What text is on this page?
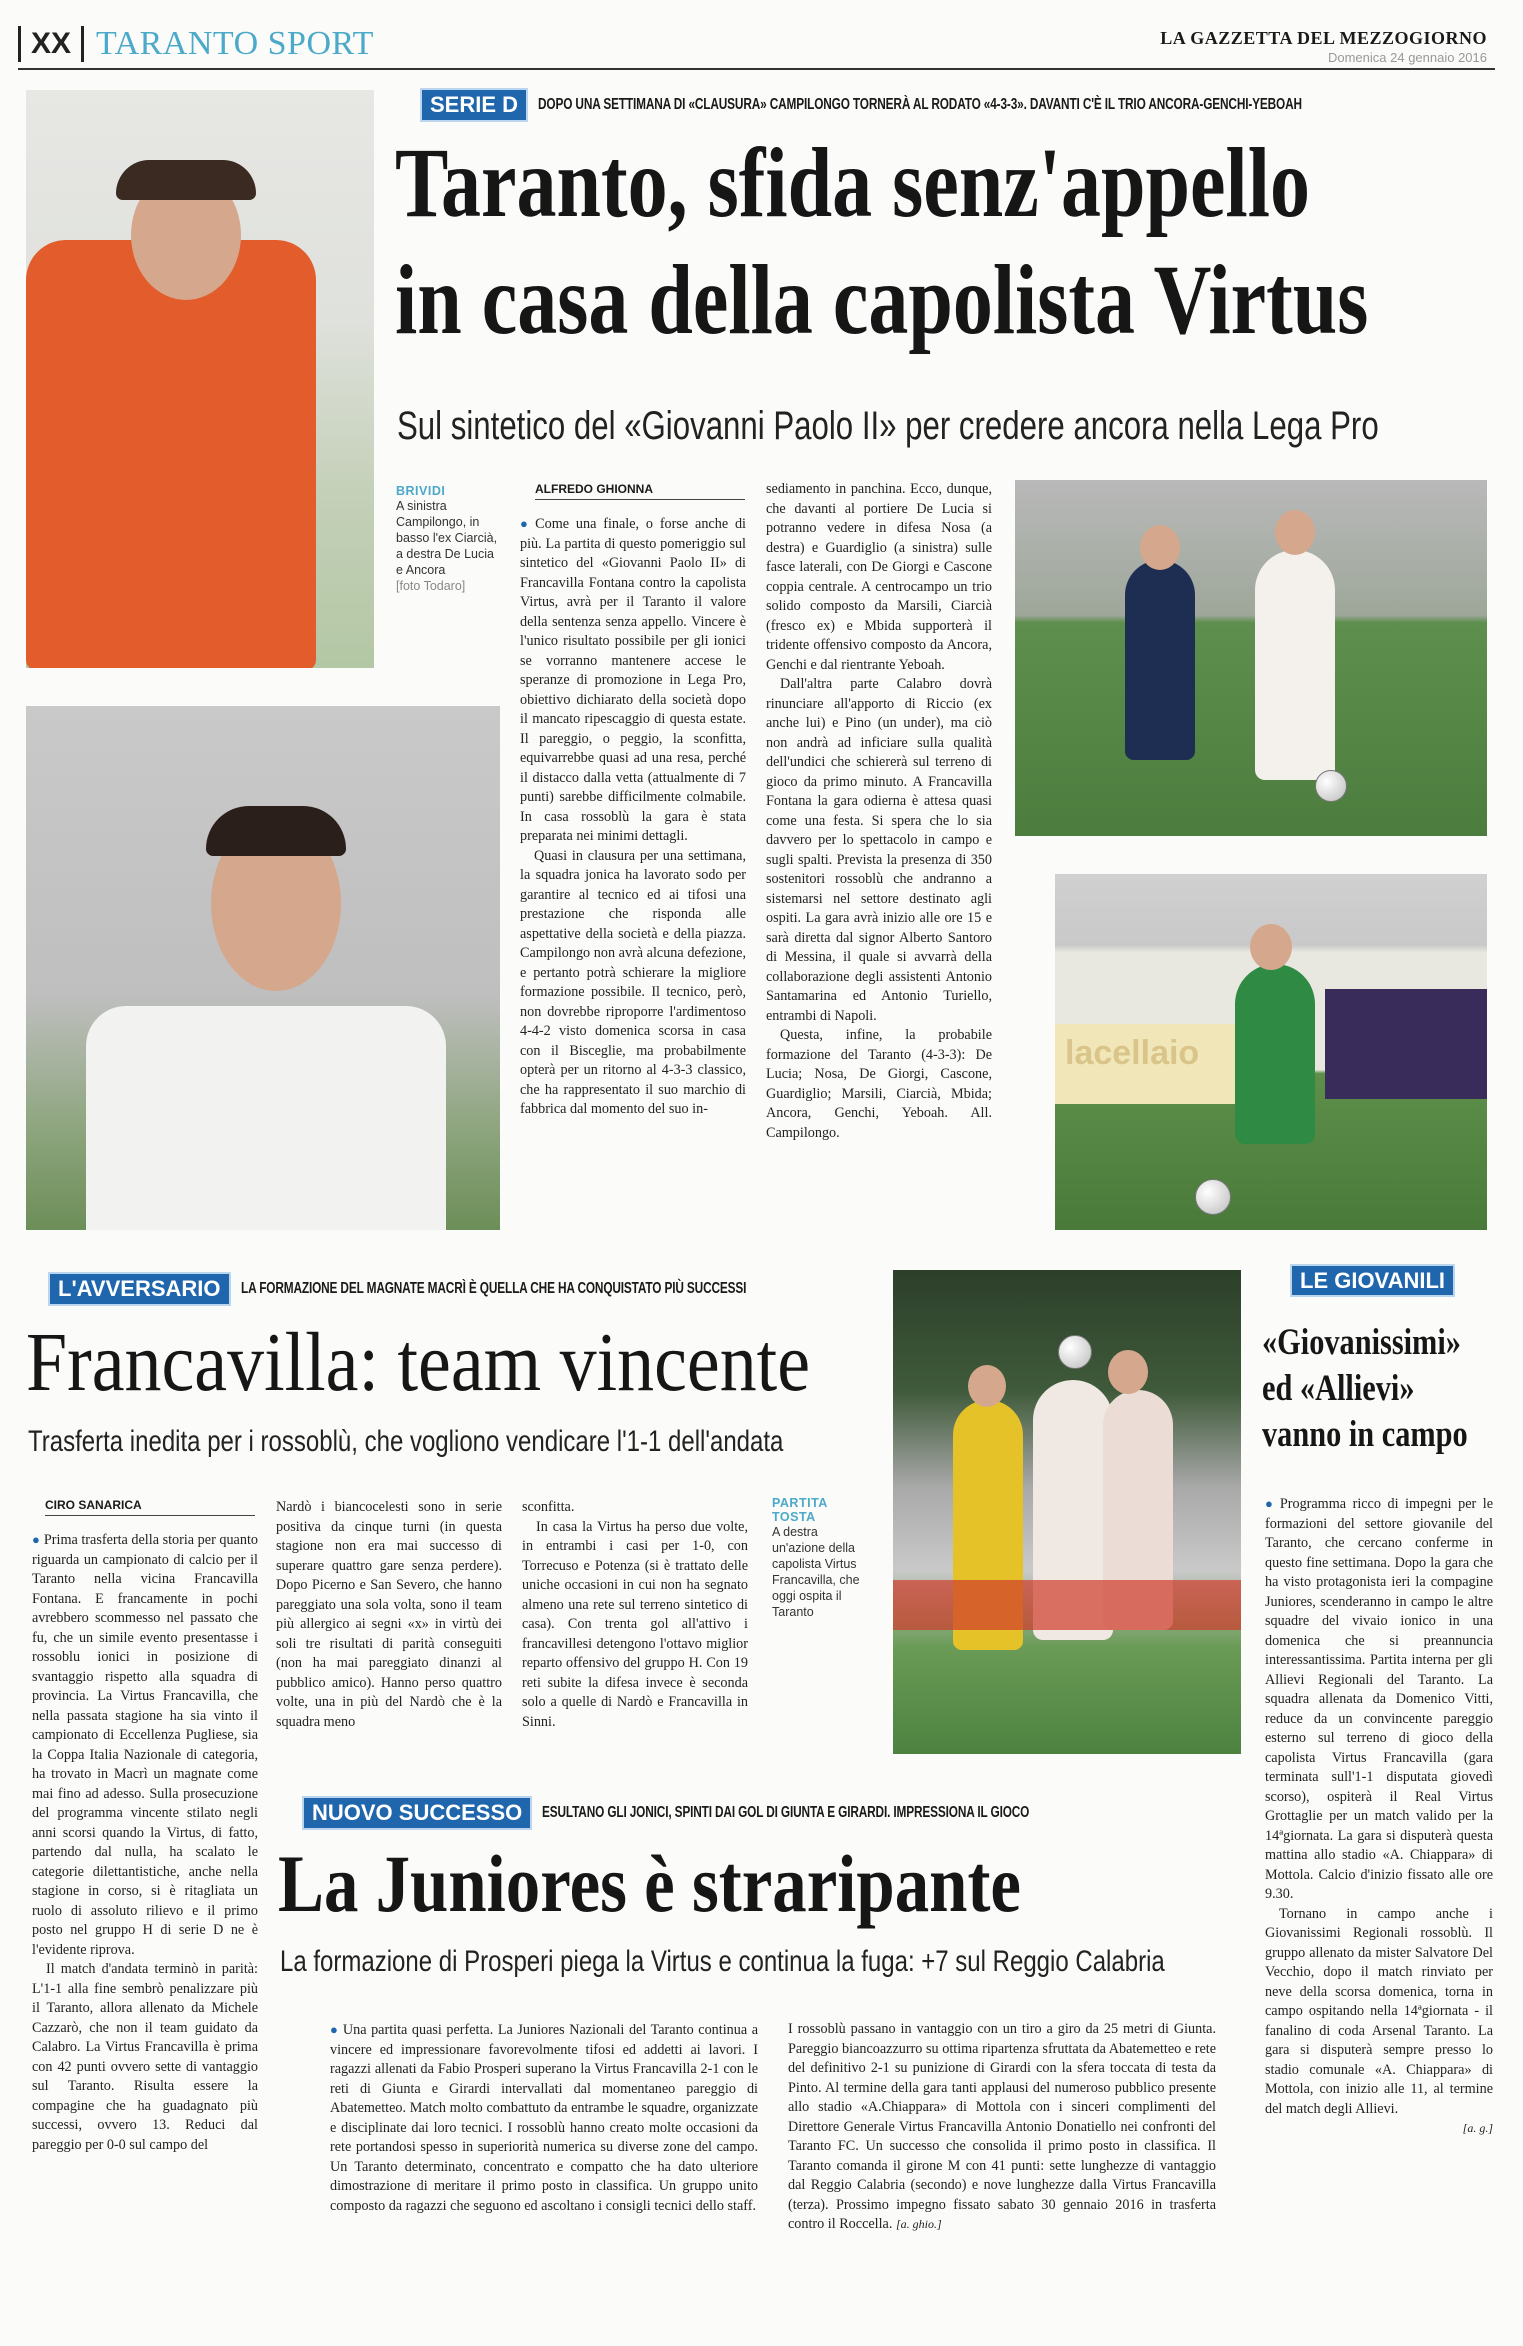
XX TARANTO SPORT	LA GAZZETTA DEL MEZZOGIORNO
Domenica 24 gennaio 2016
SERIE D	DOPO UNA SETTIMANA DI «CLAUSURA» CAMPILONGO TORNERÀ AL RODATO «4-3-3». DAVANTI C'È IL TRIO ANCORA-GENCHI-YEBOAH
Taranto, sfida senz'appello
in casa della capolista Virtus
Sul sintetico del «Giovanni Paolo II» per credere ancora nella Lega Pro
BRIVIDI
A sinistra Campilongo, in basso l'ex Ciarcià, a destra De Lucia e Ancora
[foto Todaro]
ALFREDO GHIONNA

● Come una finale, o forse anche di più. La partita di questo pomeriggio sul sintetico del «Giovanni Paolo II» di Francavilla Fontana contro la capolista Virtus, avrà per il Taranto il valore della sentenza senza appello. Vincere è l'unico risultato possibile per gli ionici se vorranno mantenere accese le speranze di promozione in Lega Pro, obiettivo dichiarato della società dopo il mancato ripescaggio di questa estate. Il pareggio, o peggio, la sconfitta, equivarrebbe quasi ad una resa, perché il distacco dalla vetta (attualmente di 7 punti) sarebbe difficilmente colmabile. In casa rossoblù la gara è stata preparata nei minimi dettagli.

Quasi in clausura per una settimana, la squadra jonica ha lavorato sodo per garantire al tecnico ed ai tifosi una prestazione che risponda alle aspettative della società e della piazza. Campilongo non avrà alcuna defezione, e pertanto potrà schierare la migliore formazione possibile. Il tecnico, però, non dovrebbe riproporre l'ardimentoso 4-4-2 visto domenica scorsa in casa con il Bisceglie, ma probabilmente opterà per un ritorno al 4-3-3 classico, che ha rappresentato il suo marchio di fabbrica dal momento del suo in-

sediamento in panchina. Ecco, dunque, che davanti al portiere De Lucia si potranno vedere in difesa Nosa (a destra) e Guardiglio (a sinistra) sulle fasce laterali, con De Giorgi e Cascone coppia centrale. A centrocampo un trio solido composto da Marsili, Ciarcià (fresco ex) e Mbida supporterà il tridente offensivo composto da Ancora, Genchi e dal rientrante Yeboah.

Dall'altra parte Calabro dovrà rinunciare all'apporto di Riccio (ex anche lui) e Pino (un under), ma ciò non andrà ad inficiare sulla qualità dell'undici che schiererà sul terreno di gioco da primo minuto. A Francavilla Fontana la gara odierna è attesa quasi come una festa. Si spera che lo sia davvero per lo spettacolo in campo e sugli spalti. Prevista la presenza di 350 sostenitori rossoblù che andranno a sistemarsi nel settore destinato agli ospiti. La gara avrà inizio alle ore 15 e sarà diretta dal signor Alberto Santoro di Messina, il quale si avvarrà della collaborazione degli assistenti Antonio Santamarina ed Antonio Turiello, entrambi di Napoli.

Questa, infine, la probabile formazione del Taranto (4-3-3): De Lucia; Nosa, De Giorgi, Cascone, Guardiglio; Marsili, Ciarcià, Mbida; Ancora, Genchi, Yeboah. All. Campilongo.

lacellaio
L'AVVERSARIO	LA FORMAZIONE DEL MAGNATE MACRÌ È QUELLA CHE HA CONQUISTATO PIÙ SUCCESSI
Francavilla: team vincente
Trasferta inedita per i rossoblù, che vogliono vendicare l'1-1 dell'andata
CIRO SANARICA

● Prima trasferta della storia per quanto riguarda un campionato di calcio per il Taranto nella vicina Francavilla Fontana. E francamente in pochi avrebbero scommesso nel passato che fu, che un simile evento presentasse i rossoblu ionici in posizione di svantaggio rispetto alla squadra di provincia. La Virtus Francavilla, che nella passata stagione ha sia vinto il campionato di Eccellenza Pugliese, sia la Coppa Italia Nazionale di categoria, ha trovato in Macrì un magnate come mai fino ad adesso. Sulla prosecuzione del programma vincente stilato negli anni scorsi quando la Virtus, di fatto, partendo dal nulla, ha scalato le categorie dilettantistiche, anche nella stagione in corso, si è ritagliata un ruolo di assoluto rilievo e il primo posto nel gruppo H di serie D ne è l'evidente riprova.

Il match d'andata terminò in parità: L'1-1 alla fine sembrò penalizzare più il Taranto, allora allenato da Michele Cazzarò, che non il team guidato da Calabro. La Virtus Francavilla è prima con 42 punti ovvero sette di vantaggio sul Taranto. Risulta essere la compagine che ha guadagnato più successi, ovvero 13. Reduci dal pareggio per 0-0 sul campo del

Nardò i biancocelesti sono in serie positiva da cinque turni (in questa stagione non era mai successo di superare quattro gare senza perdere). Dopo Picerno e San Severo, che hanno pareggiato una sola volta, sono il team più allergico ai segni «x» in virtù dei soli tre risultati di parità conseguiti (non ha mai pareggiato dinanzi al pubblico amico). Hanno perso quattro volte, una in più del Nardò che è la squadra meno

sconfitta.

In casa la Virtus ha perso due volte, in entrambi i casi per 1-0, con Torrecuso e Potenza (si è trattato delle uniche occasioni in cui non ha segnato almeno una rete sul terreno sintetico di casa). Con trenta gol all'attivo i francavillesi detengono l'ottavo miglior reparto offensivo del gruppo H. Con 19 reti subite la difesa invece è seconda solo a quelle di Nardò e Francavilla in Sinni.

PARTITA TOSTA
A destra un'azione della capolista Virtus Francavilla, che oggi ospita il Taranto
LE GIOVANILI
«Giovanissimi»
ed «Allievi»
vanno in campo

● Programma ricco di impegni per le formazioni del settore giovanile del Taranto, che cercano conferme in questo fine settimana. Dopo la gara che ha visto protagonista ieri la compagine Juniores, scenderanno in campo le altre squadre del vivaio ionico in una domenica che si preannuncia interessantissima. Partita interna per gli Allievi Regionali del Taranto. La squadra allenata da Domenico Vitti, reduce da un convincente pareggio esterno sul terreno di gioco della capolista Virtus Francavilla (gara terminata sull'1-1 disputata giovedì scorso), ospiterà il Real Virtus Grottaglie per un match valido per la 14ªgiornata. La gara si disputerà questa mattina allo stadio «A. Chiappara» di Mottola. Calcio d'inizio fissato alle ore 9.30.

Tornano in campo anche i Giovanissimi Regionali rossoblù. Il gruppo allenato da mister Salvatore Del Vecchio, dopo il match rinviato per neve della scorsa domenica, torna in campo ospitando nella 14ªgiornata - il fanalino di coda Arsenal Taranto. La gara si disputerà sempre presso lo stadio comunale «A. Chiappara» di Mottola, con inizio alle 11, al termine del match degli Allievi.

[a. g.]

NUOVO SUCCESSO	ESULTANO GLI JONICI, SPINTI DAI GOL DI GIUNTA E GIRARDI. IMPRESSIONA IL GIOCO
La Juniores è straripante
La formazione di Prosperi piega la Virtus e continua la fuga: +7 sul Reggio Calabria

● Una partita quasi perfetta. La Juniores Nazionali del Taranto continua a vincere ed impressionare favorevolmente tifosi ed addetti ai lavori. I ragazzi allenati da Fabio Prosperi superano la Virtus Francavilla 2-1 con le reti di Giunta e Girardi intervallati dal momentaneo pareggio di Abatemetteo. Match molto combattuto da entrambe le squadre, organizzate e disciplinate dai loro tecnici. I rossoblù hanno creato molte occasioni da rete portandosi spesso in superiorità numerica su diverse zone del campo. Un Taranto determinato, concentrato e compatto che ha dato ulteriore dimostrazione di meritare il primo posto in classifica. Un gruppo unito composto da ragazzi che seguono ed ascoltano i consigli tecnici dello staff.

I rossoblù passano in vantaggio con un tiro a giro da 25 metri di Giunta. Pareggio biancoazzurro su ottima ripartenza sfruttata da Abatemetteo e rete del definitivo 2-1 su punizione di Girardi con la sfera toccata di testa da Pinto. Al termine della gara tanti applausi del numeroso pubblico presente allo stadio «A.Chiappara» di Mottola con i sinceri complimenti del Direttore Generale Virtus Francavilla Antonio Donatiello nei confronti del Taranto FC. Un successo che consolida il primo posto in classifica. Il Taranto comanda il girone M con 41 punti: sette lunghezze di vantaggio dal Reggio Calabria (secondo) e nove lunghezze dalla Virtus Francavilla (terza). Prossimo impegno fissato sabato 30 gennaio 2016 in trasferta contro il Roccella. [a. ghio.]
